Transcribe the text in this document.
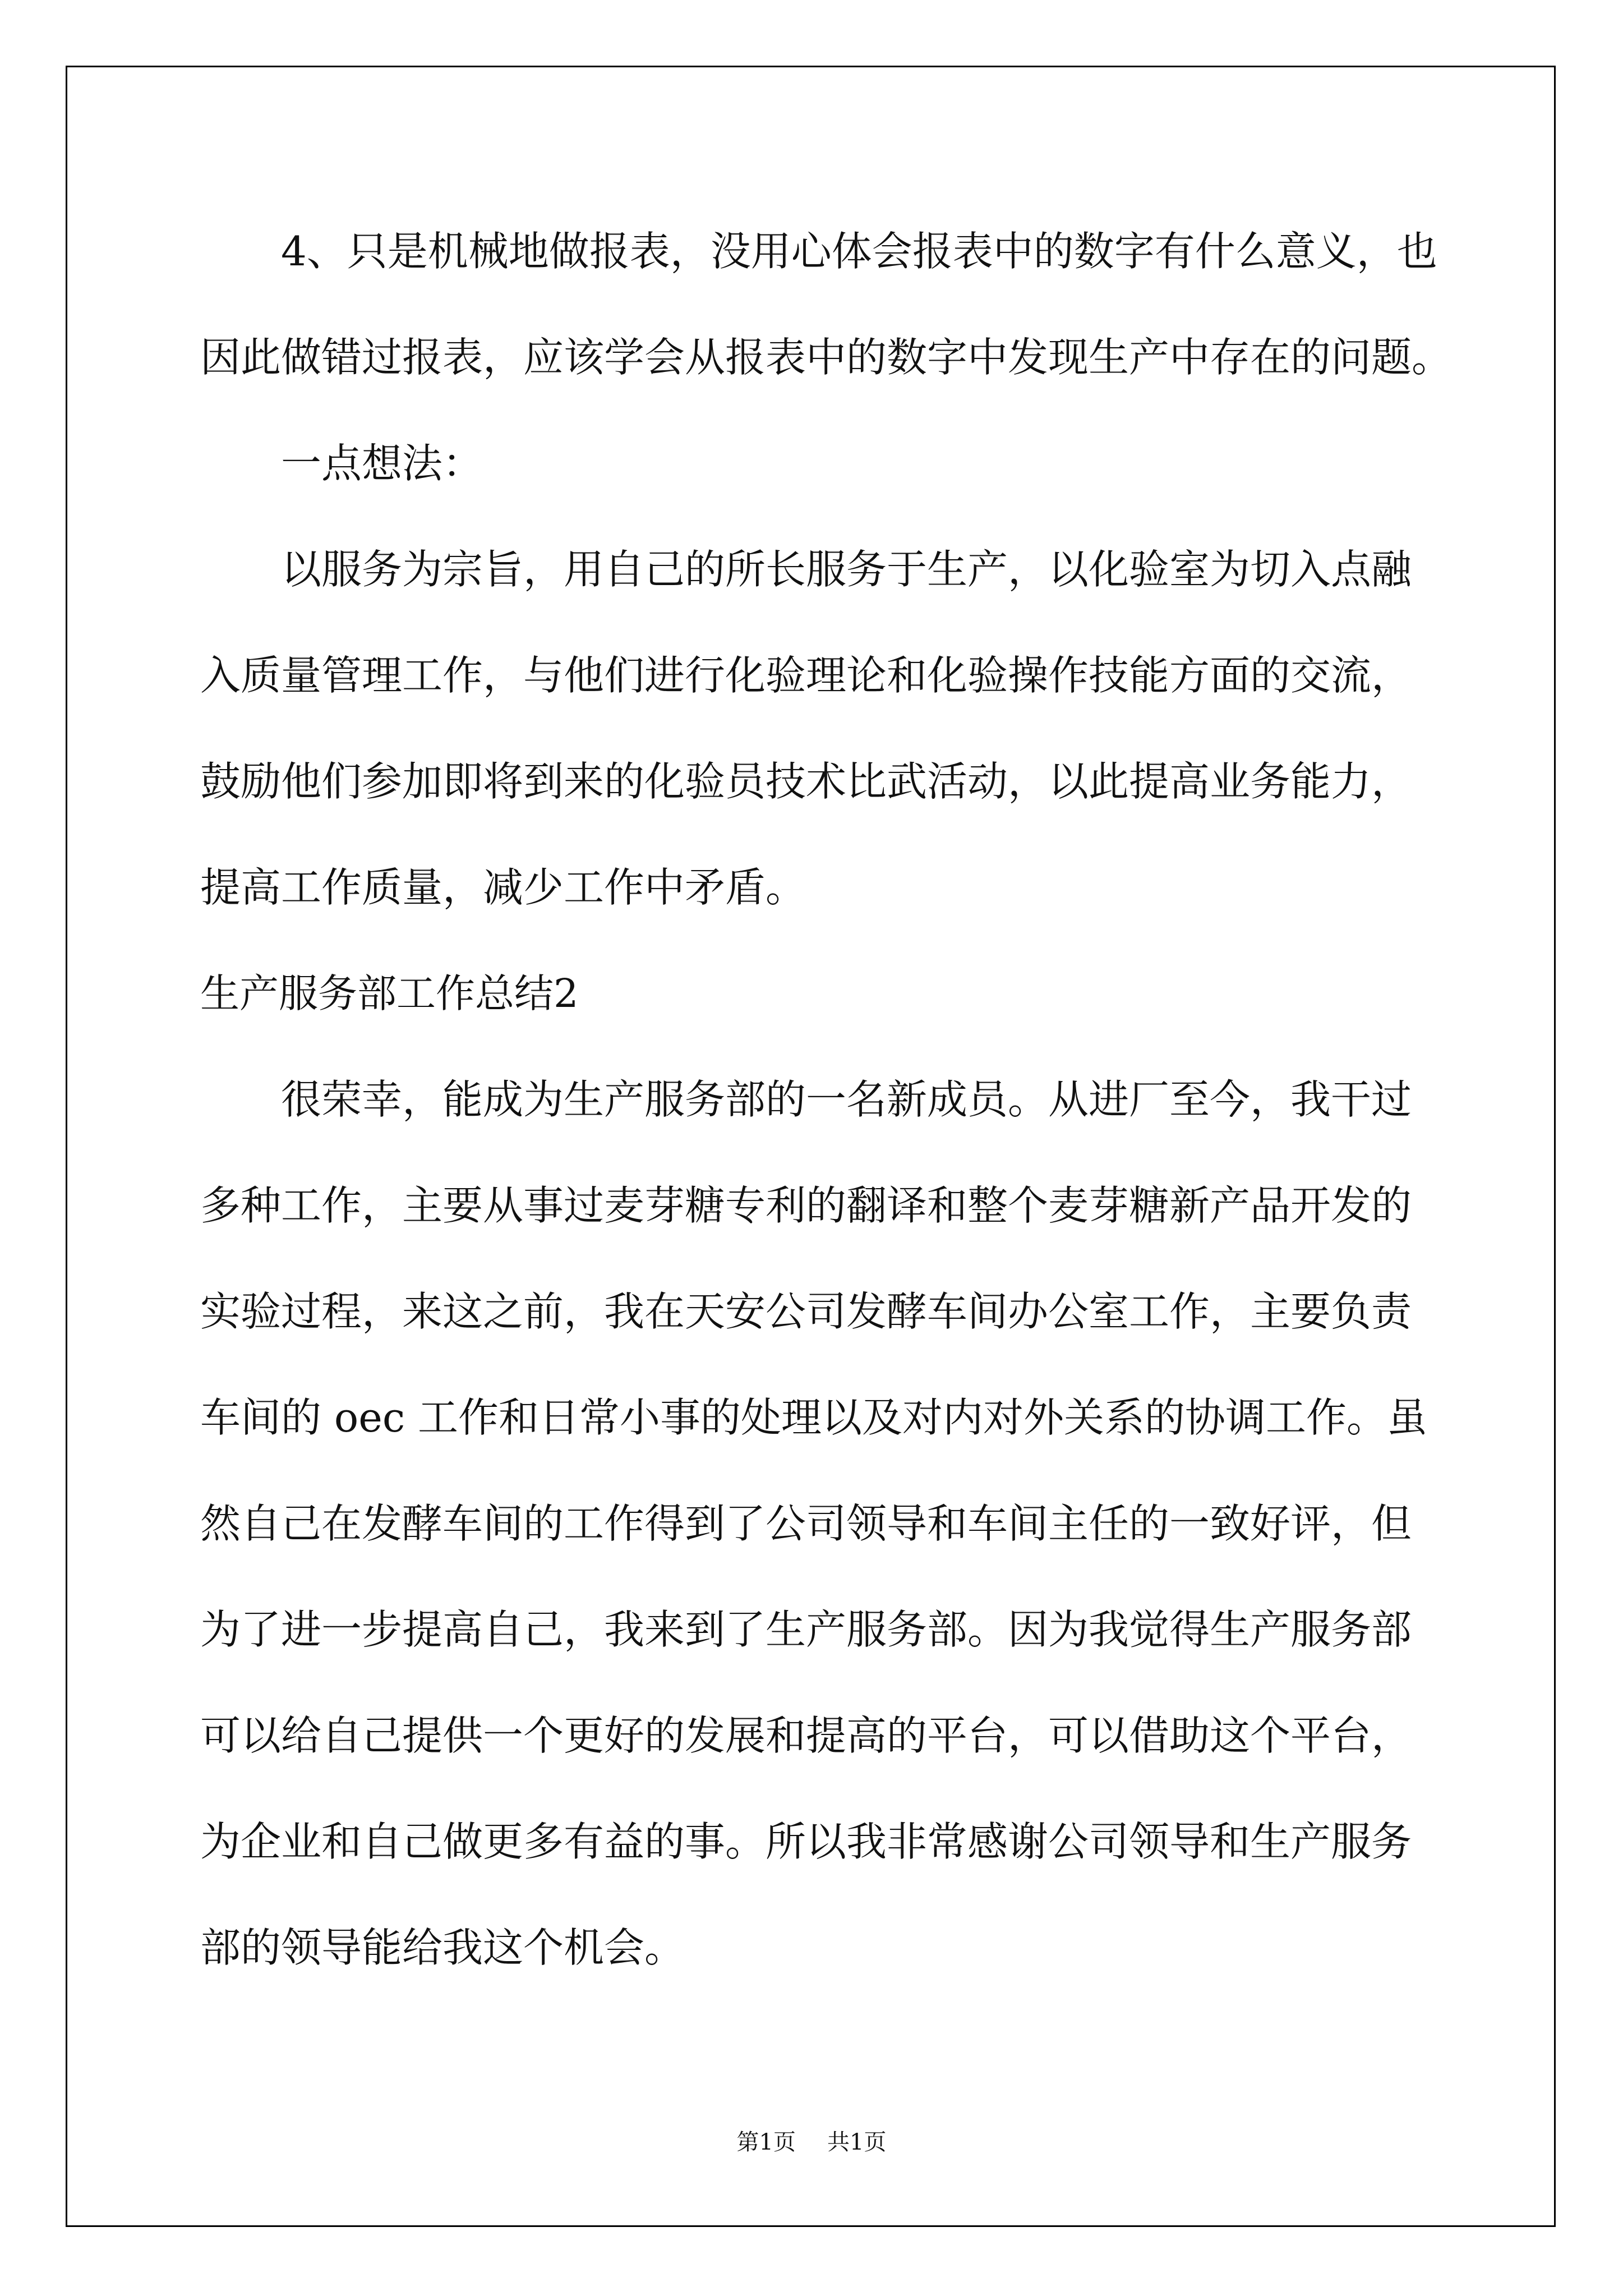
4、只是机械地做报表，没用心体会报表中的数字有什么意义，也
因此做错过报表，应该学会从报表中的数字中发现生产中存在的问题。
一点想法：
以服务为宗旨，用自己的所长服务于生产，以化验室为切入点融
入质量管理工作，与他们进行化验理论和化验操作技能方面的交流，
鼓励他们参加即将到来的化验员技术比武活动，以此提高业务能力，
提高工作质量，减少工作中矛盾。
生产服务部工作总结2
很荣幸，能成为生产服务部的一名新成员。从进厂至今，我干过
多种工作，主要从事过麦芽糖专利的翻译和整个麦芽糖新产品开发的
实验过程，来这之前，我在天安公司发酵车间办公室工作，主要负责
车间的 oec 工作和日常小事的处理以及对内对外关系的协调工作。虽
然自己在发酵车间的工作得到了公司领导和车间主任的一致好评，但
为了进一步提高自己，我来到了生产服务部。因为我觉得生产服务部
可以给自己提供一个更好的发展和提高的平台，可以借助这个平台，
为企业和自己做更多有益的事。所以我非常感谢公司领导和生产服务
部的领导能给我这个机会。
第1页 共1页
